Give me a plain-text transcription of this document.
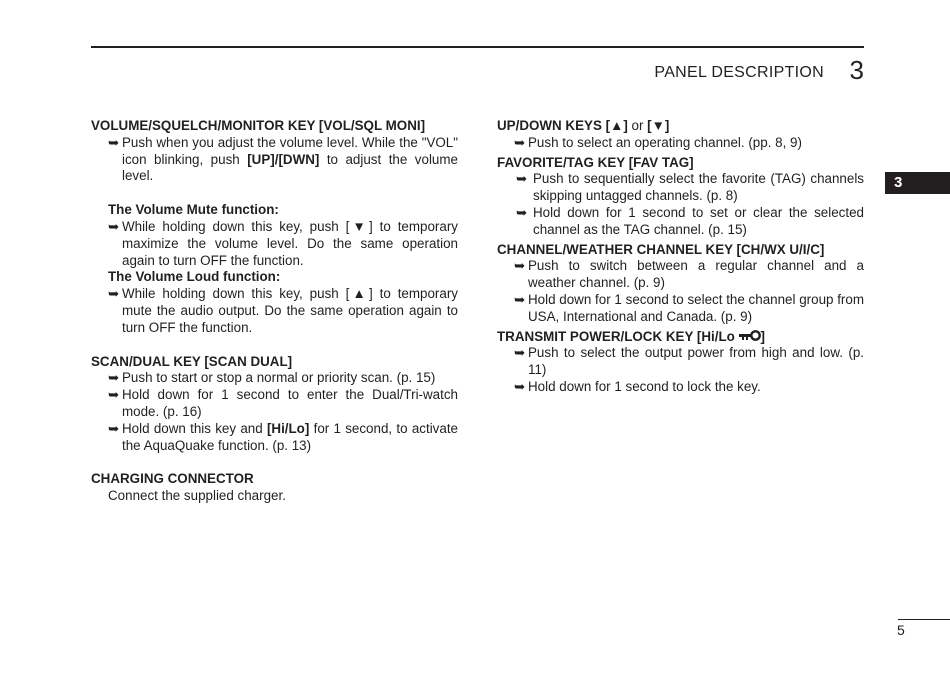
PANEL DESCRIPTION 3
3

VOLUME/SQUELCH/MONITOR KEY [VOL/SQL MONI]

➥ Push when you adjust the volume level. While the "VOL" icon blinking, push [UP]/[DWN] to adjust the volume level.

The Volume Mute function:

➥ While holding down this key, push [▼] to temporary maximize the volume level. Do the same operation again to turn OFF the function.

The Volume Loud function:

➥ While holding down this key, push [▲] to temporary mute the audio output. Do the same operation again to turn OFF the function.

SCAN/DUAL KEY [SCAN DUAL]

➥ Push to start or stop a normal or priority scan. (p. 15)

➥ Hold down for 1 second to enter the Dual/Tri-watch mode. (p. 16)

➥ Hold down this key and [Hi/Lo] for 1 second, to activate the AquaQuake function. (p. 13)

CHARGING CONNECTOR

Connect the supplied charger.

UP/DOWN KEYS [▲] or [▼]

➥ Push to select an operating channel. (pp. 8, 9)

FAVORITE/TAG KEY [FAV TAG]

➥ Push to sequentially select the favorite (TAG) channels skipping untagged channels. (p. 8)

➥ Hold down for 1 second to set or clear the selected channel as the TAG channel. (p. 15)

CHANNEL/WEATHER CHANNEL KEY [CH/WX U/I/C]

➥ Push to switch between a regular channel and a weather channel. (p. 9)

➥ Hold down for 1 second to select the channel group from USA, International and Canada. (p. 9)

TRANSMIT POWER/LOCK KEY [Hi/Lo ]

➥ Push to select the output power from high and low. (p. 11)

➥ Hold down for 1 second to lock the key.

5
